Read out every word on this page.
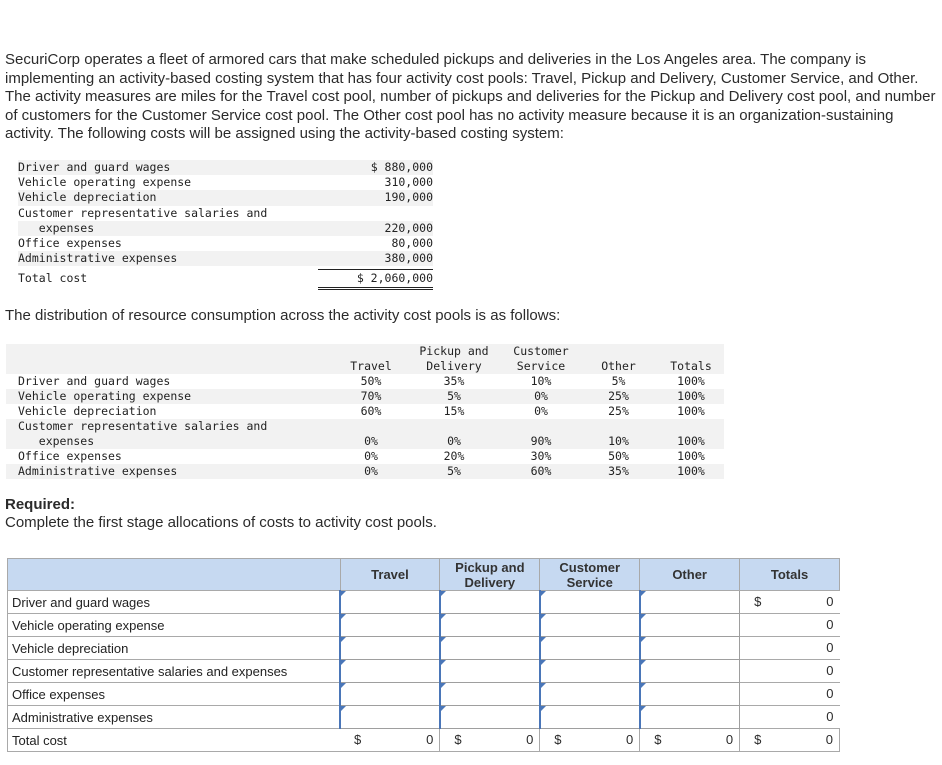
SecuriCorp operates a fleet of armored cars that make scheduled pickups and deliveries in the Los Angeles area. The company is implementing an activity-based costing system that has four activity cost pools: Travel, Pickup and Delivery, Customer Service, and Other. The activity measures are miles for the Travel cost pool, number of pickups and deliveries for the Pickup and Delivery cost pool, and number of customers for the Customer Service cost pool. The Other cost pool has no activity measure because it is an organization-sustaining activity. The following costs will be assigned using the activity-based costing system:

Driver and guard wages	$ 880,000
Vehicle operating expense	310,000
Vehicle depreciation	190,000
Customer representative salaries and
expenses	220,000
Office expenses	80,000
Administrative expenses	380,000
Total cost	$ 2,060,000

The distribution of resource consumption across the activity cost pools is as follows:

Travel
Pickup and
Delivery
Customer
Service	Other	Totals
Driver and guard wages	50%	35%	10%	5%	100%
Vehicle operating expense	70%	5%	0%	25%	100%
Vehicle depreciation	60%	15%	0%	25%	100%
Customer representative salaries and
expenses	0%	0%	90%	10%	100%
Office expenses	0%	20%	30%	50%	100%
Administrative expenses	0%	5%	60%	35%	100%

Required:
Complete the first stage allocations of costs to activity cost pools.

	Travel	Pickup and
Delivery	Customer
Service	Other	Totals
Driver and guard wages					$ 0

Vehicle operating expense					0

Vehicle depreciation					0

Customer representative salaries and expenses					0

Office expenses					0

Administrative expenses					0

Total cost	$ 0	$ 0	$ 0	$ 0	$ 0
